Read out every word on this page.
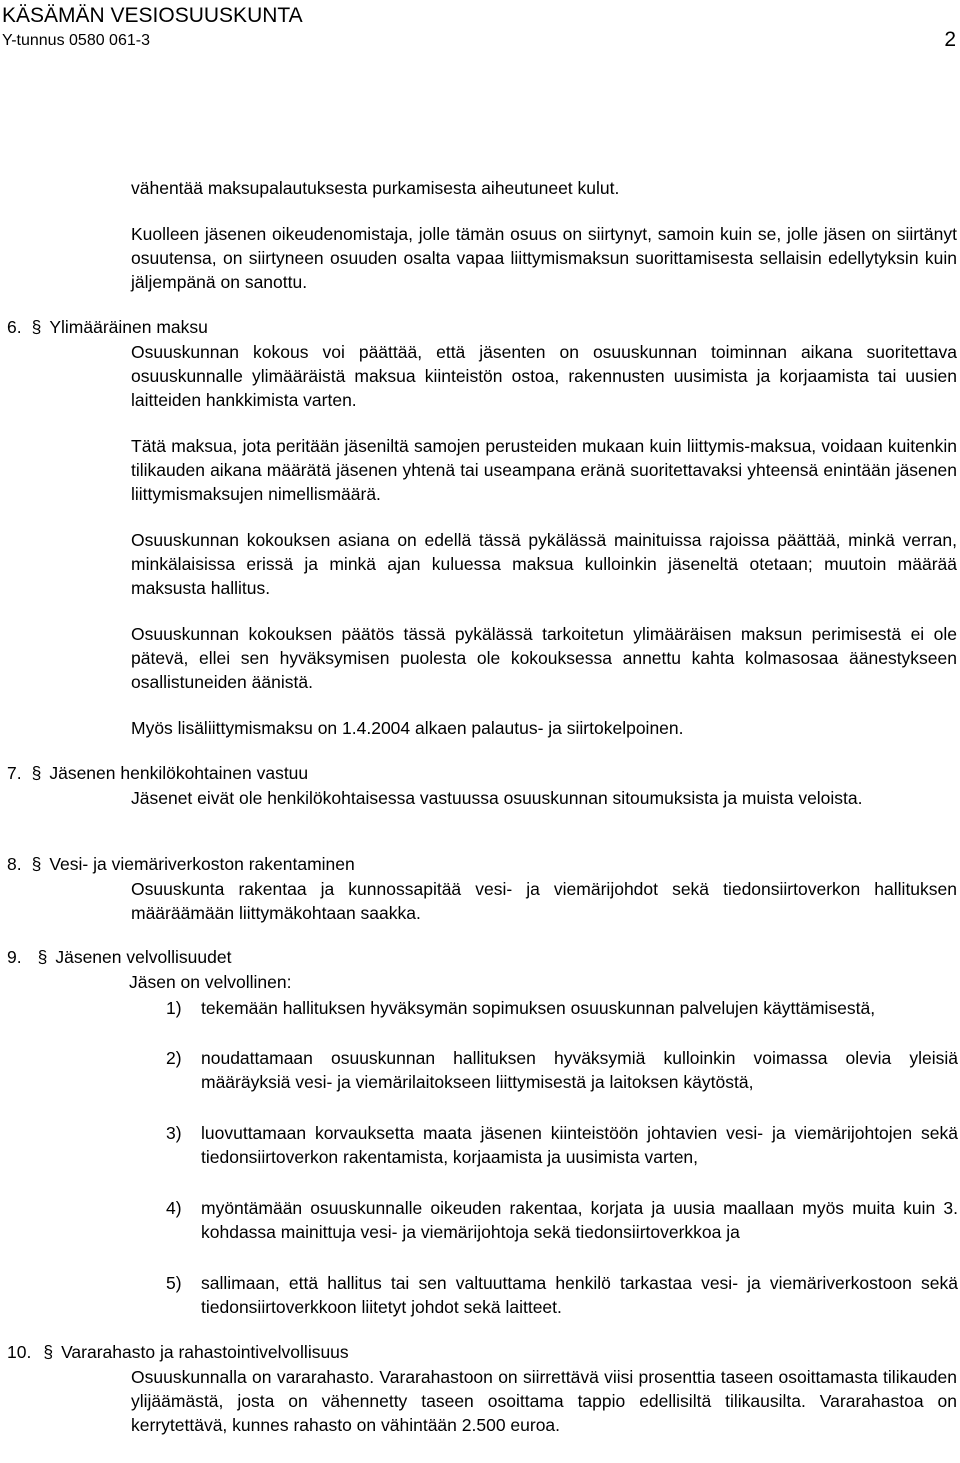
KÄSÄMÄN VESIOSUUSKUNTA
Y-tunnus 0580 061-3	2

vähentää maksupalautuksesta purkamisesta aiheutuneet kulut.

Kuolleen jäsenen oikeudenomistaja, jolle tämän osuus on siirtynyt, samoin kuin se, jolle jäsen on siirtänyt osuutensa, on siirtyneen osuuden osalta vapaa liittymismaksun suorittamisesta sellaisin edellytyksin kuin jäljempänä on sanottu.

6. § Ylimääräinen maksu

Osuuskunnan kokous voi päättää, että jäsenten on osuuskunnan toiminnan aikana suoritettava osuuskunnalle ylimääräistä maksua kiinteistön ostoa, rakennusten uusimista ja korjaamista tai uusien laitteiden hankkimista varten.

Tätä maksua, jota peritään jäseniltä samojen perusteiden mukaan kuin liittymis-maksua, voidaan kuitenkin tilikauden aikana määrätä jäsenen yhtenä tai useampana eränä suoritettavaksi yhteensä enintään jäsenen liittymismaksujen nimellismäärä.

Osuuskunnan kokouksen asiana on edellä tässä pykälässä mainituissa rajoissa päättää, minkä verran, minkälaisissa erissä ja minkä ajan kuluessa maksua kulloinkin jäseneltä otetaan; muutoin määrää maksusta hallitus.

Osuuskunnan kokouksen päätös tässä pykälässä tarkoitetun ylimääräisen maksun perimisestä ei ole pätevä, ellei sen hyväksymisen puolesta ole kokouksessa annettu kahta kolmasosaa äänestykseen osallistuneiden äänistä.

Myös lisäliittymismaksu on 1.4.2004 alkaen palautus- ja siirtokelpoinen.

7. § Jäsenen henkilökohtainen vastuu

Jäsenet eivät ole henkilökohtaisessa vastuussa osuuskunnan sitoumuksista ja muista veloista.

8. § Vesi- ja viemäriverkoston rakentaminen

Osuuskunta rakentaa ja kunnossapitää vesi- ja viemärijohdot sekä tiedonsiirtoverkon hallituksen määräämään liittymäkohtaan saakka.

9. § Jäsenen velvollisuudet

Jäsen on velvollinen:

1) tekemään hallituksen hyväksymän sopimuksen osuuskunnan palvelujen käyttämisestä,

2) noudattamaan osuuskunnan hallituksen hyväksymiä kulloinkin voimassa olevia yleisiä määräyksiä vesi- ja viemärilaitokseen liittymisestä ja laitoksen käytöstä,

3) luovuttamaan korvauksetta maata jäsenen kiinteistöön johtavien vesi- ja viemärijohtojen sekä tiedonsiirtoverkon rakentamista, korjaamista ja uusimista varten,

4) myöntämään osuuskunnalle oikeuden rakentaa, korjata ja uusia maallaan myös muita kuin 3. kohdassa mainittuja vesi- ja viemärijohtoja sekä tiedonsiirtoverkkoa ja

5) sallimaan, että hallitus tai sen valtuuttama henkilö tarkastaa vesi- ja viemäriverkostoon sekä tiedonsiirtoverkkoon liitetyt johdot sekä laitteet.

10. § Vararahasto ja rahastointivelvollisuus

Osuuskunnalla on vararahasto. Vararahastoon on siirrettävä viisi prosenttia taseen osoittamasta tilikauden ylijäämästä, josta on vähennetty taseen osoittama tappio edellisiltä tilikausilta. Vararahastoa on kerrytettävä, kunnes rahasto on vähintään 2.500 euroa.
